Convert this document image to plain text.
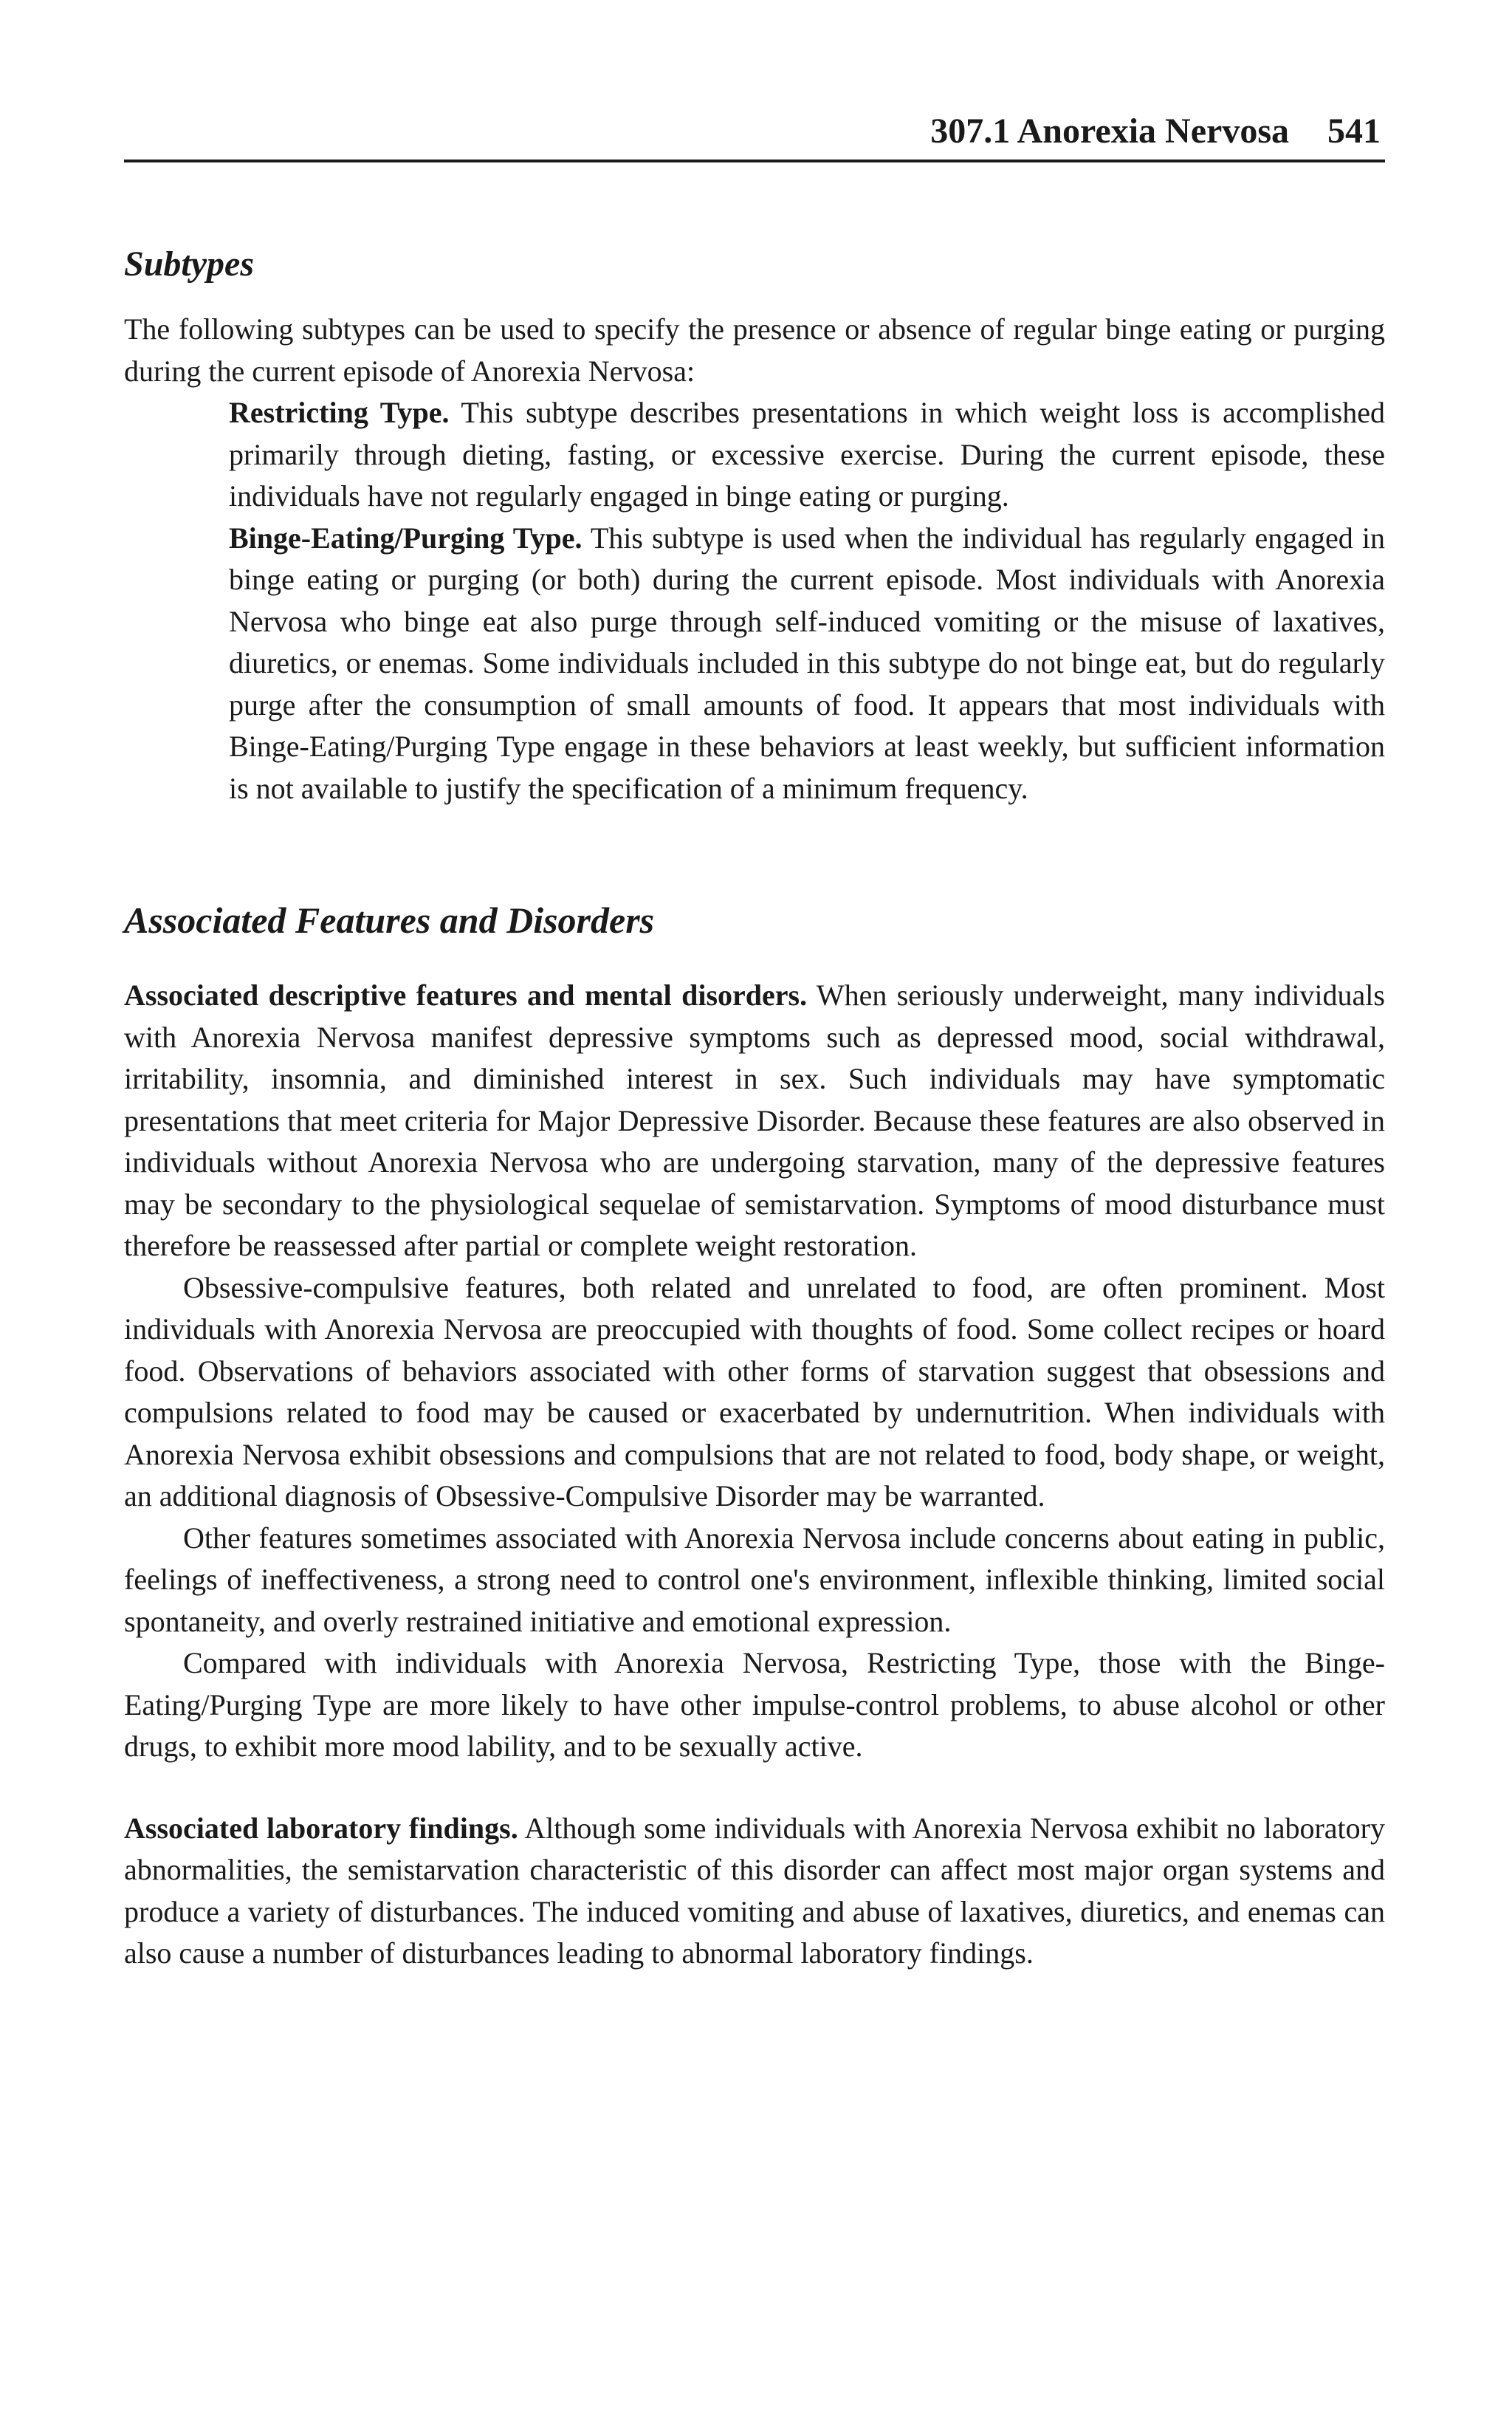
307.1 Anorexia Nervosa 541
Subtypes

The following subtypes can be used to specify the presence or absence of regular binge eating or purging during the current episode of Anorexia Nervosa:

Restricting Type. This subtype describes presentations in which weight loss is accomplished primarily through dieting, fasting, or excessive exercise. During the current episode, these individuals have not regularly engaged in binge eating or purging.

Binge-Eating/Purging Type. This subtype is used when the individual has regularly engaged in binge eating or purging (or both) during the current episode. Most individuals with Anorexia Nervosa who binge eat also purge through self-induced vomiting or the misuse of laxatives, diuretics, or enemas. Some individuals included in this subtype do not binge eat, but do regularly purge after the consumption of small amounts of food. It appears that most individuals with Binge-Eating/Purging Type engage in these behaviors at least weekly, but sufficient information is not available to justify the specification of a minimum frequency.

Associated Features and Disorders

Associated descriptive features and mental disorders. When seriously underweight, many individuals with Anorexia Nervosa manifest depressive symptoms such as depressed mood, social withdrawal, irritability, insomnia, and diminished interest in sex. Such individuals may have symptomatic presentations that meet criteria for Major Depressive Disorder. Because these features are also observed in individuals without Anorexia Nervosa who are undergoing starvation, many of the depressive features may be secondary to the physiological sequelae of semistarvation. Symptoms of mood disturbance must therefore be reassessed after partial or complete weight restoration.

Obsessive-compulsive features, both related and unrelated to food, are often prominent. Most individuals with Anorexia Nervosa are preoccupied with thoughts of food. Some collect recipes or hoard food. Observations of behaviors associated with other forms of starvation suggest that obsessions and compulsions related to food may be caused or exacerbated by undernutrition. When individuals with Anorexia Nervosa exhibit obsessions and compulsions that are not related to food, body shape, or weight, an additional diagnosis of Obsessive-Compulsive Disorder may be warranted.

Other features sometimes associated with Anorexia Nervosa include concerns about eating in public, feelings of ineffectiveness, a strong need to control one's environment, inflexible thinking, limited social spontaneity, and overly restrained initiative and emotional expression.

Compared with individuals with Anorexia Nervosa, Restricting Type, those with the Binge-Eating/Purging Type are more likely to have other impulse-control problems, to abuse alcohol or other drugs, to exhibit more mood lability, and to be sexually active.

Associated laboratory findings. Although some individuals with Anorexia Nervosa exhibit no laboratory abnormalities, the semistarvation characteristic of this disorder can affect most major organ systems and produce a variety of disturbances. The induced vomiting and abuse of laxatives, diuretics, and enemas can also cause a number of disturbances leading to abnormal laboratory findings.
